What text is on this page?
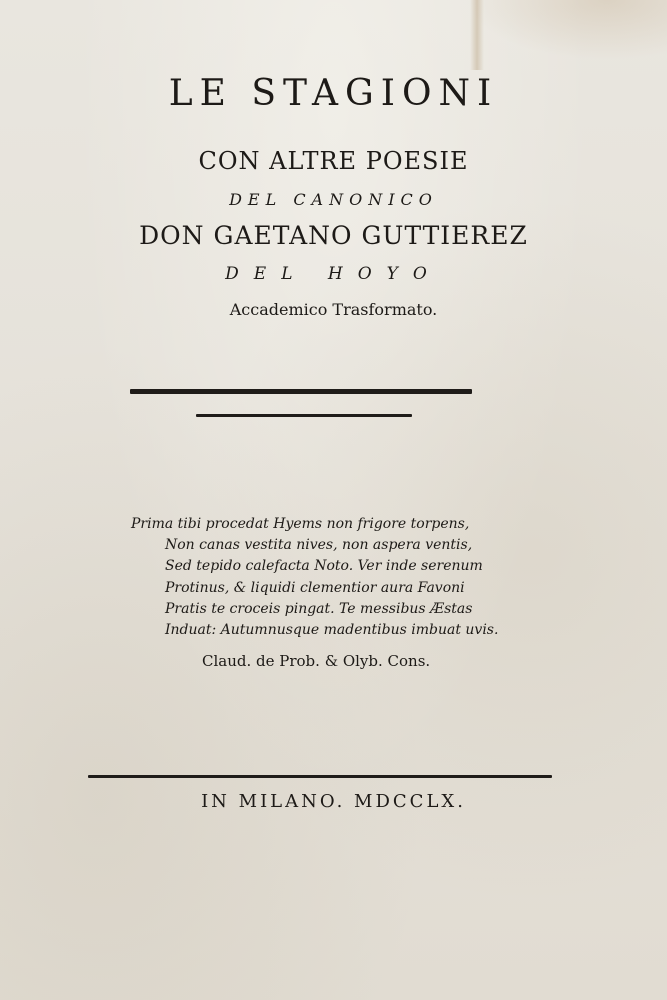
LE STAGIONI
CON ALTRE POESIE
DEL CANONICO
DON GAETANO GUTTIEREZ
DEL HOYO
Accademico Trasformato.
Prima tibi procedat Hyems non frigore torpens,
Non canas vestita nives, non aspera ventis,
Sed tepido calefacta Noto. Ver inde serenum
Protinus, & liquidi clementior aura Favoni
Pratis te croceis pingat. Te messibus Æstas
Induat: Autumnusque madentibus imbuat uvis.
Claud. de Prob. & Olyb. Cons.
IN MILANO. MDCCLX.
